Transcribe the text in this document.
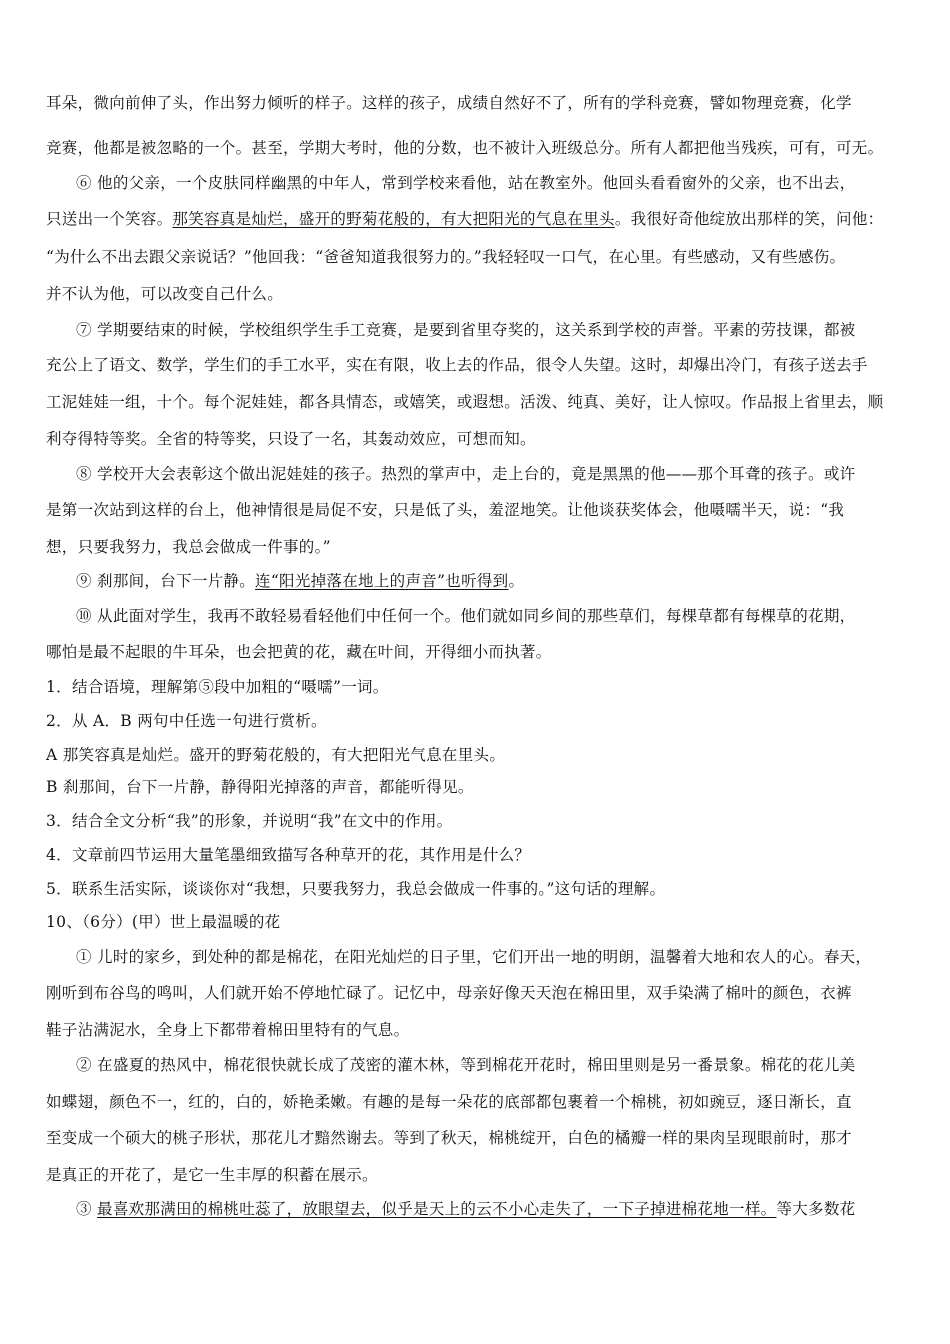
耳朵，微向前伸了头，作出努力倾听的样子。这样的孩子，成绩自然好不了，所有的学科竞赛，譬如物理竞赛，化学
竞赛，他都是被忽略的一个。甚至，学期大考时，他的分数，也不被计入班级总分。所有人都把他当残疾，可有，可无。
⑥ 他的父亲，一个皮肤同样幽黑的中年人，常到学校来看他，站在教室外。他回头看看窗外的父亲，也不出去，
只送出一个笑容。那笑容真是灿烂，盛开的野菊花般的，有大把阳光的气息在里头。我很好奇他绽放出那样的笑，问他：
“为什么不出去跟父亲说话？”他回我：“爸爸知道我很努力的。”我轻轻叹一口气，在心里。有些感动，又有些感伤。
并不认为他，可以改变自己什么。
⑦ 学期要结束的时候，学校组织学生手工竞赛，是要到省里夺奖的，这关系到学校的声誉。平素的劳技课，都被
充公上了语文、数学，学生们的手工水平，实在有限，收上去的作品，很令人失望。这时，却爆出冷门，有孩子送去手
工泥娃娃一组，十个。每个泥娃娃，都各具情态，或嬉笑，或遐想。活泼、纯真、美好，让人惊叹。作品报上省里去，顺
利夺得特等奖。全省的特等奖，只设了一名，其轰动效应，可想而知。
⑧ 学校开大会表彰这个做出泥娃娃的孩子。热烈的掌声中，走上台的，竟是黑黑的他——那个耳聋的孩子。或许
是第一次站到这样的台上，他神情很是局促不安，只是低了头，羞涩地笑。让他谈获奖体会，他嗫嚅半天，说：“我
想，只要我努力，我总会做成一件事的。”
⑨ 刹那间，台下一片静。连“阳光掉落在地上的声音”也听得到。
⑩ 从此面对学生，我再不敢轻易看轻他们中任何一个。他们就如同乡间的那些草们，每棵草都有每棵草的花期，
哪怕是最不起眼的牛耳朵，也会把黄的花，藏在叶间，开得细小而执著。
1．结合语境，理解第⑤段中加粗的“嗫嚅”一词。
2．从 A．B 两句中任选一句进行赏析。
A 那笑容真是灿烂。盛开的野菊花般的，有大把阳光气息在里头。
B 刹那间，台下一片静，静得阳光掉落的声音，都能听得见。
3．结合全文分析“我”的形象，并说明“我”在文中的作用。
4．文章前四节运用大量笔墨细致描写各种草开的花，其作用是什么？
5．联系生活实际，谈谈你对“我想，只要我努力，我总会做成一件事的。”这句话的理解。
10、（6分）(甲）世上最温暖的花
① 儿时的家乡，到处种的都是棉花，在阳光灿烂的日子里，它们开出一地的明朗，温馨着大地和农人的心。春天，
刚听到布谷鸟的鸣叫，人们就开始不停地忙碌了。记忆中，母亲好像天天泡在棉田里，双手染满了棉叶的颜色，衣裤
鞋子沾满泥水，全身上下都带着棉田里特有的气息。
② 在盛夏的热风中，棉花很快就长成了茂密的灌木林，等到棉花开花时，棉田里则是另一番景象。棉花的花儿美
如蝶翅，颜色不一，红的，白的，娇艳柔嫩。有趣的是每一朵花的底部都包裹着一个棉桃，初如豌豆，逐日渐长，直
至变成一个硕大的桃子形状，那花儿才黯然谢去。等到了秋天，棉桃绽开，白色的橘瓣一样的果肉呈现眼前时，那才
是真正的开花了，是它一生丰厚的积蓄在展示。
③ 最喜欢那满田的棉桃吐蕊了，放眼望去，似乎是天上的云不小心走失了，一下子掉进棉花地一样。等大多数花
